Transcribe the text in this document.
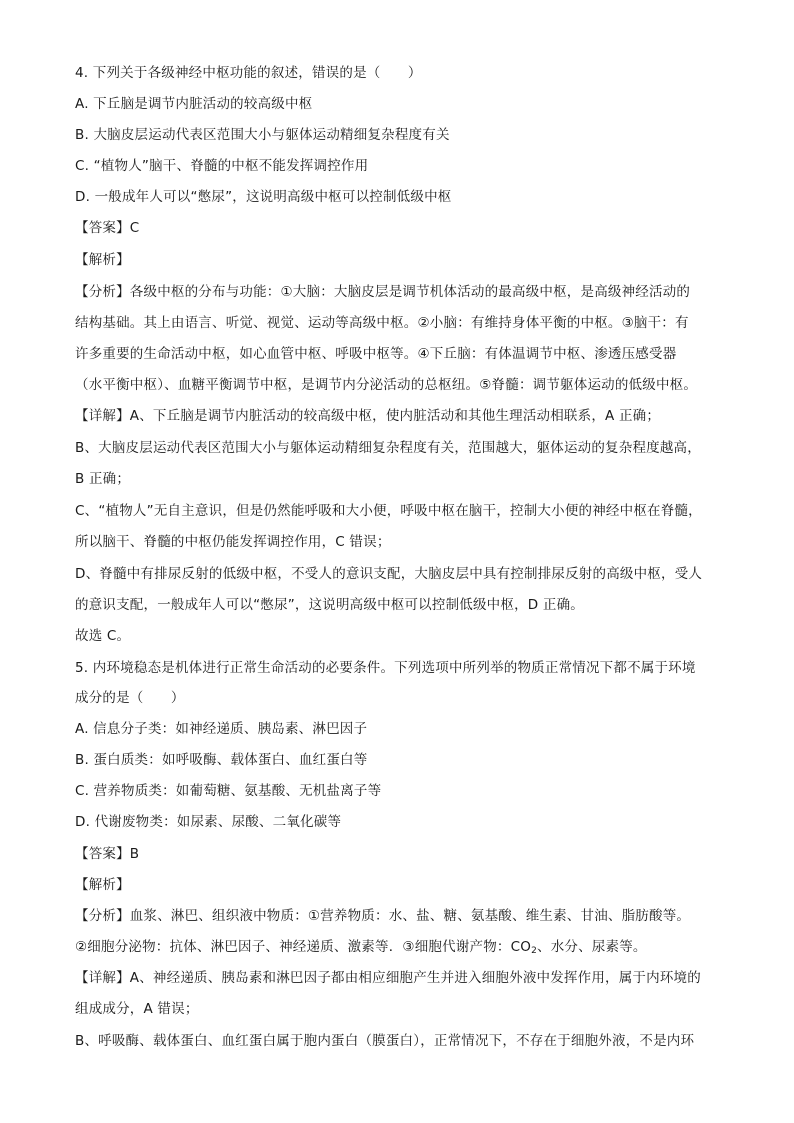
4. 下列关于各级神经中枢功能的叙述，错误的是（　　）
A. 下丘脑是调节内脏活动的较高级中枢
B. 大脑皮层运动代表区范围大小与躯体运动精细复杂程度有关
C. “植物人”脑干、脊髓的中枢不能发挥调控作用
D. 一般成年人可以“憋尿”，这说明高级中枢可以控制低级中枢
【答案】C
【解析】
【分析】各级中枢的分布与功能：①大脑：大脑皮层是调节机体活动的最高级中枢，是高级神经活动的
结构基础。其上由语言、听觉、视觉、运动等高级中枢。②小脑：有维持身体平衡的中枢。③脑干：有
许多重要的生命活动中枢，如心血管中枢、呼吸中枢等。④下丘脑：有体温调节中枢、渗透压感受器
（水平衡中枢）、血糖平衡调节中枢，是调节内分泌活动的总枢纽。⑤脊髓：调节躯体运动的低级中枢。
【详解】A、下丘脑是调节内脏活动的较高级中枢，使内脏活动和其他生理活动相联系，A 正确；
B、大脑皮层运动代表区范围大小与躯体运动精细复杂程度有关，范围越大，躯体运动的复杂程度越高，
B 正确；
C、“植物人”无自主意识，但是仍然能呼吸和大小便，呼吸中枢在脑干，控制大小便的神经中枢在脊髓，
所以脑干、脊髓的中枢仍能发挥调控作用，C 错误；
D、脊髓中有排尿反射的低级中枢，不受人的意识支配，大脑皮层中具有控制排尿反射的高级中枢，受人
的意识支配，一般成年人可以“憋尿”，这说明高级中枢可以控制低级中枢，D 正确。
故选 C。
5. 内环境稳态是机体进行正常生命活动的必要条件。下列选项中所列举的物质正常情况下都不属于环境
成分的是（　　）
A. 信息分子类：如神经递质、胰岛素、淋巴因子
B. 蛋白质类：如呼吸酶、载体蛋白、血红蛋白等
C. 营养物质类：如葡萄糖、氨基酸、无机盐离子等
D. 代谢废物类：如尿素、尿酸、二氧化碳等
【答案】B
【解析】
【分析】血浆、淋巴、组织液中物质：①营养物质：水、盐、糖、氨基酸、维生素、甘油、脂肪酸等。
②细胞分泌物：抗体、淋巴因子、神经递质、激素等．③细胞代谢产物：$CO_2$、水分、尿素等。
【详解】A、神经递质、胰岛素和淋巴因子都由相应细胞产生并进入细胞外液中发挥作用，属于内环境的
组成成分，A 错误；
B、呼吸酶、载体蛋白、血红蛋白属于胞内蛋白（膜蛋白），正常情况下，不存在于细胞外液，不是内环
